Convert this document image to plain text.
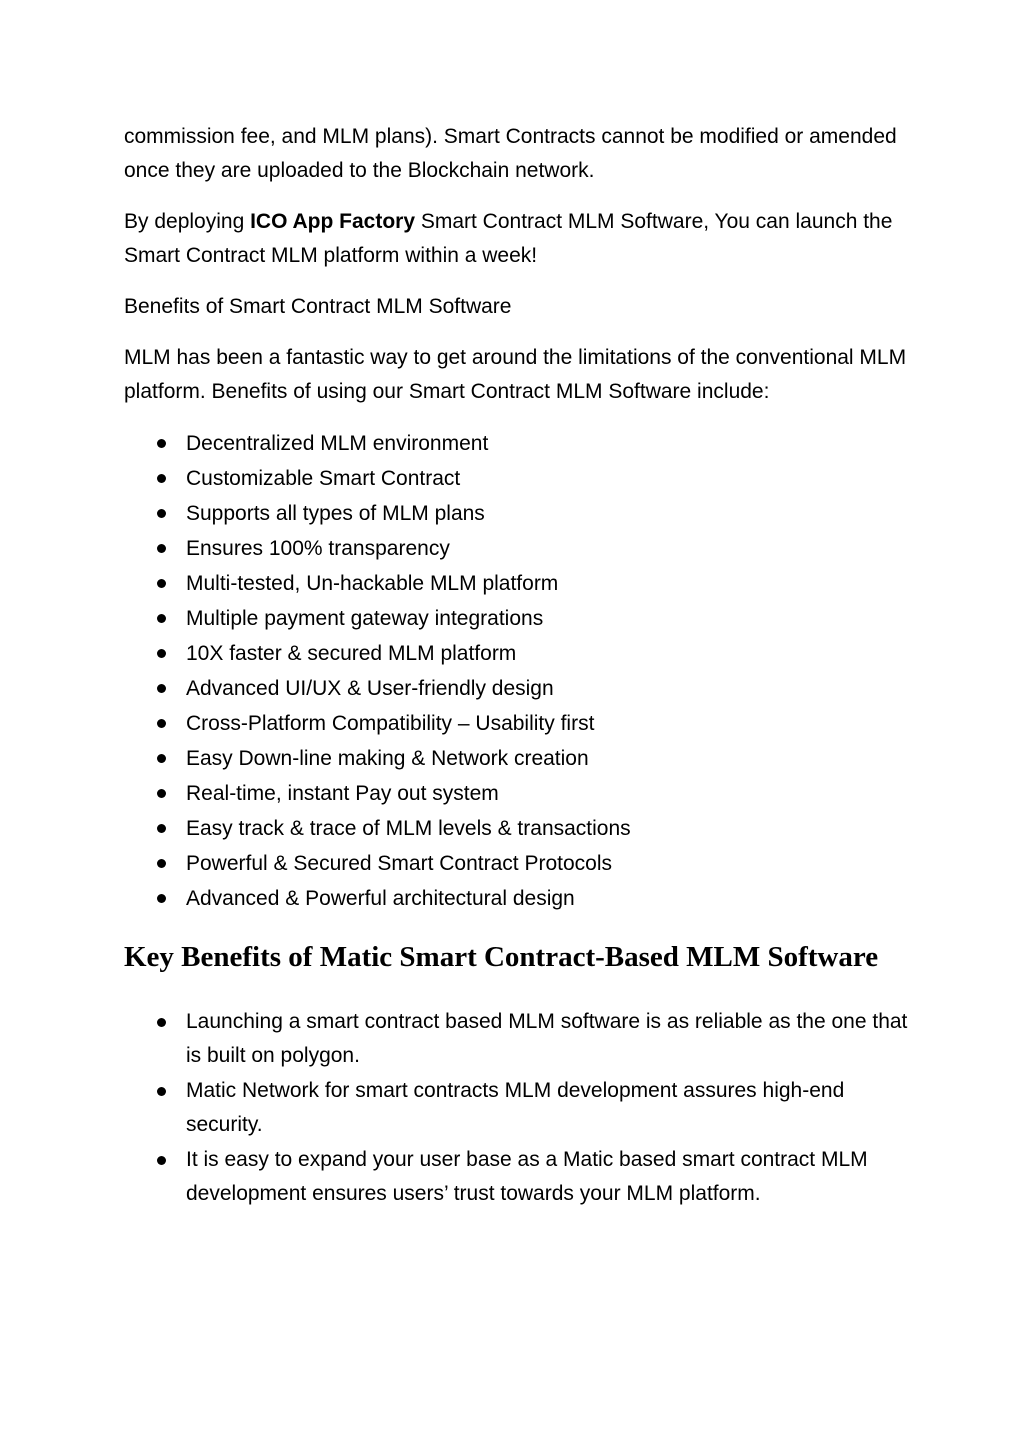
commission fee, and MLM plans). Smart Contracts cannot be modified or amended once they are uploaded to the Blockchain network.

By deploying ICO App Factory Smart Contract MLM Software, You can launch the Smart Contract MLM platform within a week!

Benefits of Smart Contract MLM Software

MLM has been a fantastic way to get around the limitations of the conventional MLM platform. Benefits of using our Smart Contract MLM Software include:

Decentralized MLM environment
Customizable Smart Contract
Supports all types of MLM plans
Ensures 100% transparency
Multi-tested, Un-hackable MLM platform
Multiple payment gateway integrations
10X faster & secured MLM platform
Advanced UI/UX & User-friendly design
Cross-Platform Compatibility – Usability first
Easy Down-line making & Network creation
Real-time, instant Pay out system
Easy track & trace of MLM levels & transactions
Powerful & Secured Smart Contract Protocols
Advanced & Powerful architectural design
Key Benefits of Matic Smart Contract-Based MLM Software
Launching a smart contract based MLM software is as reliable as the one that is built on polygon.
Matic Network for smart contracts MLM development assures high-end security.
It is easy to expand your user base as a Matic based smart contract MLM development ensures users’ trust towards your MLM platform.
